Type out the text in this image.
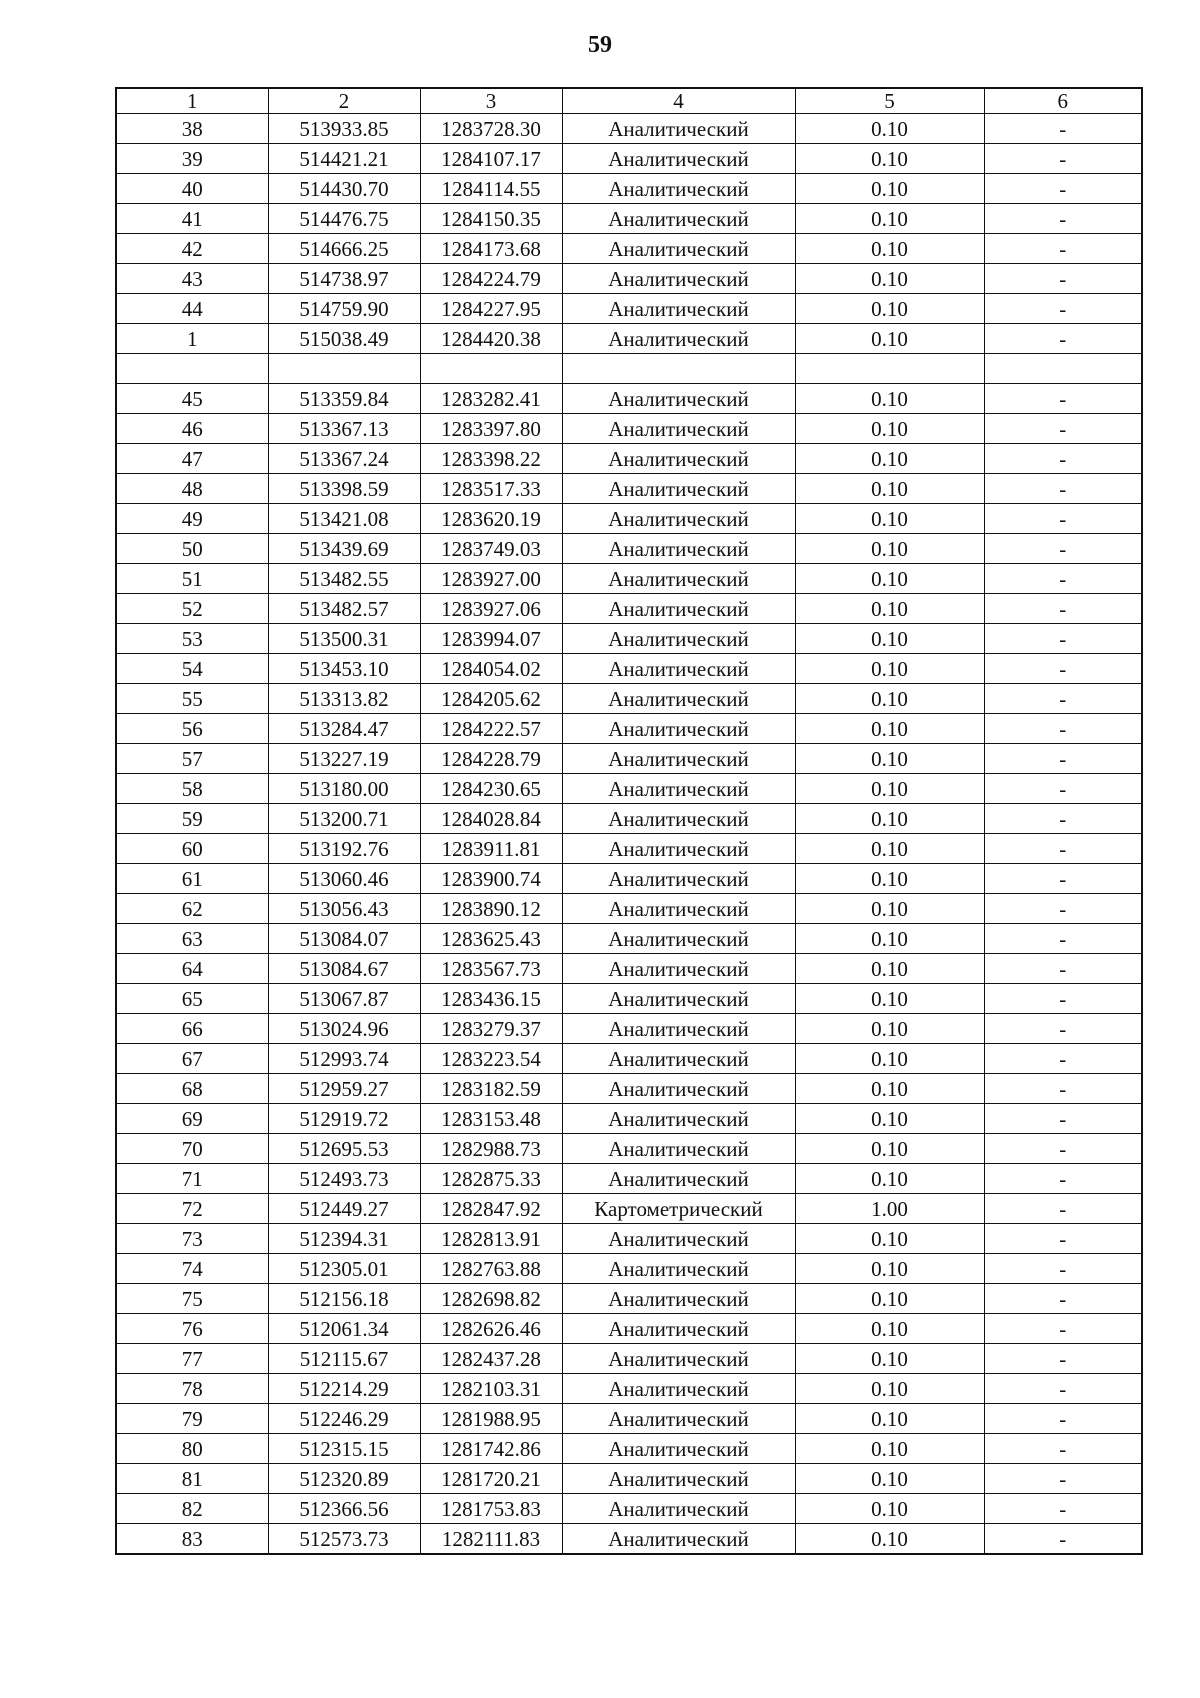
59
1	2	3	4	5	6
38	513933.85	1283728.30	Аналитический	0.10	-
39	514421.21	1284107.17	Аналитический	0.10	-
40	514430.70	1284114.55	Аналитический	0.10	-
41	514476.75	1284150.35	Аналитический	0.10	-
42	514666.25	1284173.68	Аналитический	0.10	-
43	514738.97	1284224.79	Аналитический	0.10	-
44	514759.90	1284227.95	Аналитический	0.10	-
1	515038.49	1284420.38	Аналитический	0.10	-

45	513359.84	1283282.41	Аналитический	0.10	-
46	513367.13	1283397.80	Аналитический	0.10	-
47	513367.24	1283398.22	Аналитический	0.10	-
48	513398.59	1283517.33	Аналитический	0.10	-
49	513421.08	1283620.19	Аналитический	0.10	-
50	513439.69	1283749.03	Аналитический	0.10	-
51	513482.55	1283927.00	Аналитический	0.10	-
52	513482.57	1283927.06	Аналитический	0.10	-
53	513500.31	1283994.07	Аналитический	0.10	-
54	513453.10	1284054.02	Аналитический	0.10	-
55	513313.82	1284205.62	Аналитический	0.10	-
56	513284.47	1284222.57	Аналитический	0.10	-
57	513227.19	1284228.79	Аналитический	0.10	-
58	513180.00	1284230.65	Аналитический	0.10	-
59	513200.71	1284028.84	Аналитический	0.10	-
60	513192.76	1283911.81	Аналитический	0.10	-
61	513060.46	1283900.74	Аналитический	0.10	-
62	513056.43	1283890.12	Аналитический	0.10	-
63	513084.07	1283625.43	Аналитический	0.10	-
64	513084.67	1283567.73	Аналитический	0.10	-
65	513067.87	1283436.15	Аналитический	0.10	-
66	513024.96	1283279.37	Аналитический	0.10	-
67	512993.74	1283223.54	Аналитический	0.10	-
68	512959.27	1283182.59	Аналитический	0.10	-
69	512919.72	1283153.48	Аналитический	0.10	-
70	512695.53	1282988.73	Аналитический	0.10	-
71	512493.73	1282875.33	Аналитический	0.10	-
72	512449.27	1282847.92	Картометрический	1.00	-
73	512394.31	1282813.91	Аналитический	0.10	-
74	512305.01	1282763.88	Аналитический	0.10	-
75	512156.18	1282698.82	Аналитический	0.10	-
76	512061.34	1282626.46	Аналитический	0.10	-
77	512115.67	1282437.28	Аналитический	0.10	-
78	512214.29	1282103.31	Аналитический	0.10	-
79	512246.29	1281988.95	Аналитический	0.10	-
80	512315.15	1281742.86	Аналитический	0.10	-
81	512320.89	1281720.21	Аналитический	0.10	-
82	512366.56	1281753.83	Аналитический	0.10	-
83	512573.73	1282111.83	Аналитический	0.10	-
